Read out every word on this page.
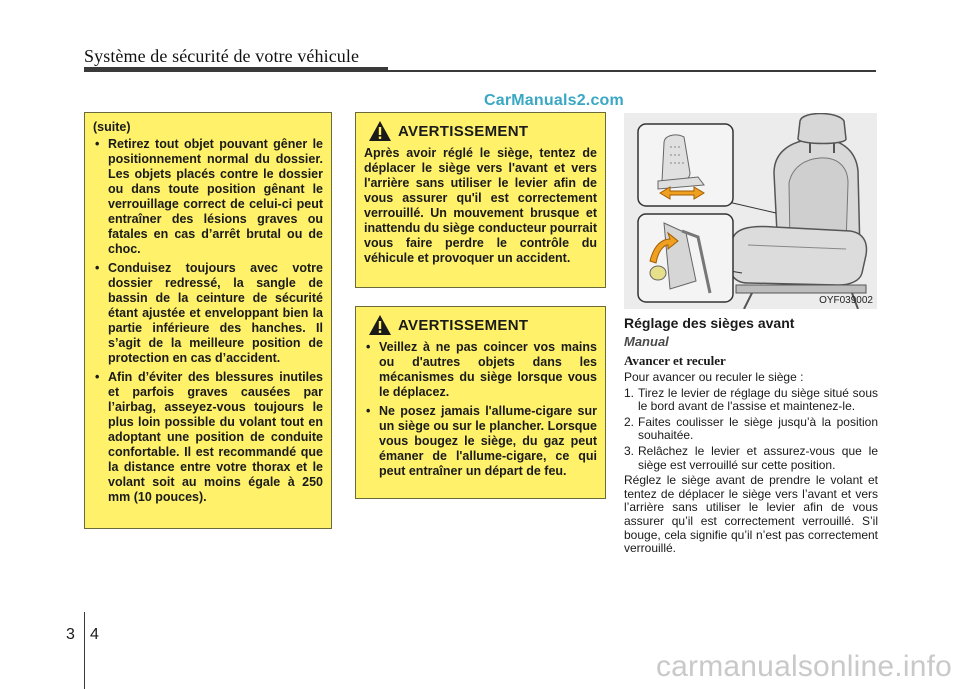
Système de sécurité de votre véhicule
CarManuals2.com
(suite)
• Retirez tout objet pouvant gêner le positionnement normal du dossier. Les objets placés contre le dossier ou dans toute position gênant le verrouillage correct de celui-ci peut entraîner des lésions graves ou fatales en cas d’arrêt brutal ou de choc.
• Conduisez toujours avec votre dossier redressé, la sangle de bassin de la ceinture de sécurité étant ajustée et enveloppant bien la partie inférieure des hanches. Il s’agit de la meilleure position de protection en cas d’accident.
• Afin d’éviter des blessures inutiles et parfois graves causées par l’airbag, asseyez-vous toujours le plus loin possible du volant tout en adoptant une position de conduite confortable. Il est recommandé que la distance entre votre thorax et le volant soit au moins égale à 250 mm (10 pouces).
AVERTISSEMENT
Après avoir réglé le siège, tentez de déplacer le siège vers l'avant et vers l'arrière sans utiliser le levier afin de vous assurer qu'il est correctement verrouillé. Un mouvement brusque et inattendu du siège conducteur pourrait vous faire perdre le contrôle du véhicule et provoquer un accident.
AVERTISSEMENT
• Veillez à ne pas coincer vos mains ou d'autres objets dans les mécanismes du siège lorsque vous le déplacez.
• Ne posez jamais l'allume-cigare sur un siège ou sur le plancher. Lorsque vous bougez le siège, du gaz peut émaner de l'allume-cigare, ce qui peut entraîner un départ de feu.
OYF039002
Réglage des sièges avant
Manual
Avancer et reculer

Pour avancer ou reculer le siège :

1. Tirez le levier de réglage du siège situé sous le bord avant de l'assise et maintenez-le.
2. Faites coulisser le siège jusqu’à la position souhaitée.
3. Relâchez le levier et assurez-vous que le siège est verrouillé sur cette position.

Réglez le siège avant de prendre le volant et tentez de déplacer le siège vers l’avant et vers l’arrière sans utiliser le levier afin de vous assurer qu’il est correctement verrouillé. S’il bouge, cela signifie qu’il n’est pas correctement verrouillé.

3 4
carmanualsonline.info
